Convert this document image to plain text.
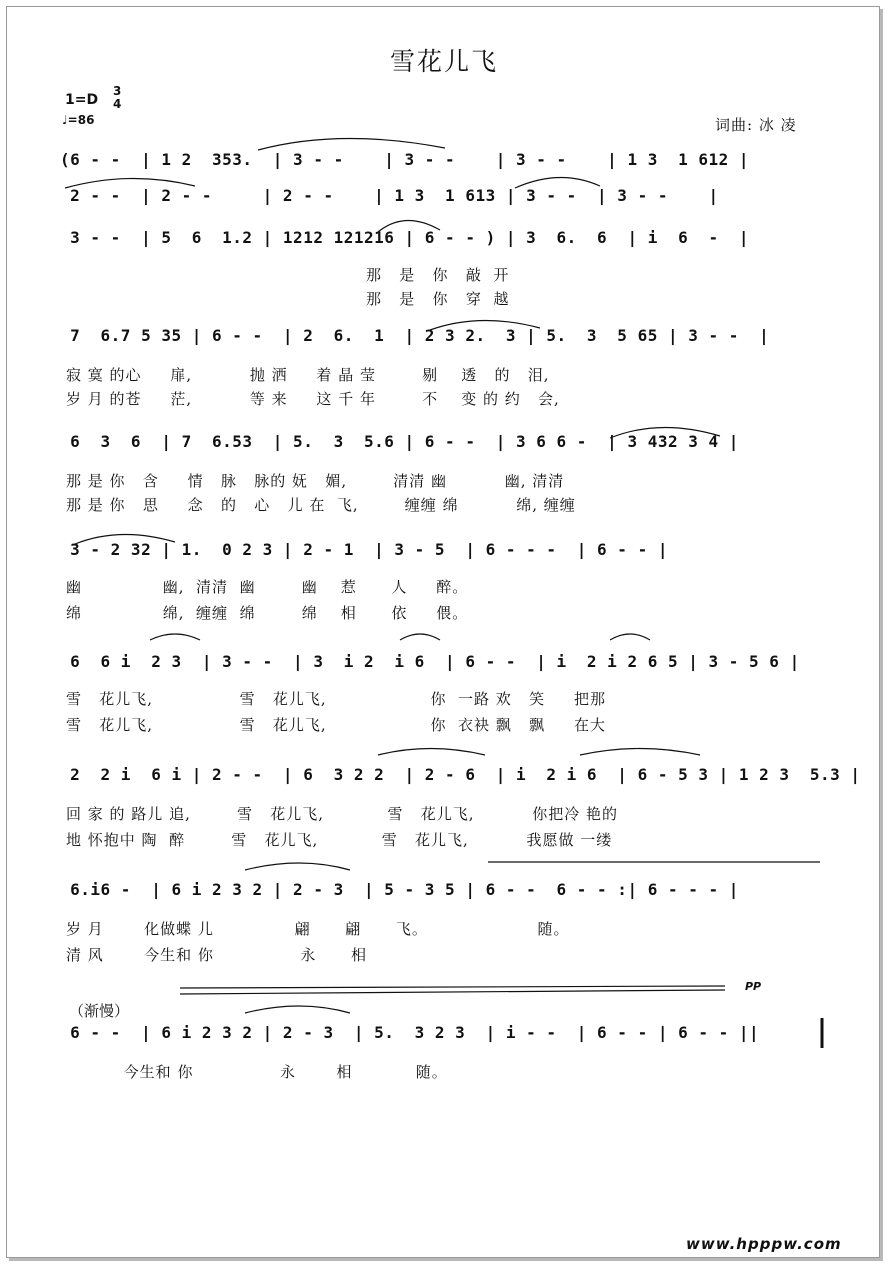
雪花儿飞
1=D
3
4
♩=86	词曲: 冰 凌
(6 - -  | 1 2  353.  | 3 - -    | 3 - -    | 3 - -    | 1 3  1 612 |
2 - -  | 2 - -     | 2 - -    | 1 3  1 613 | 3 - -  | 3 - -    |
3 - -  | 5  6  1.2 | 1212 121216 | 6 - - ) | 3  6.  6  | i  6  -  |
那   是   你   敲  开
那   是   你   穿  越
7  6.7 5 35 | 6 - -  | 2  6.  1  | 2 3 2.  3 | 5.  3  5 65 | 3 - -  |
寂 寞 的心     扉,          抛 洒     着 晶 莹        剔    透   的   泪,
岁 月 的苍     茫,          等 来     这 千 年        不    变 的 约   会,
6  3  6  | 7  6.53  | 5.  3  5.6 | 6 - -  | 3 6 6 -  | 3 432 3 4 |
那 是 你   含     情   脉   脉的 妩   媚,        清清 幽          幽, 清清
那 是 你   思     念   的   心   儿 在  飞,        缠缠 绵          绵, 缠缠
3 - 2 32 | 1.  0 2 3 | 2 - 1  | 3 - 5  | 6 - - -  | 6 - - |
幽              幽,  清清  幽        幽    惹      人     醉。
绵              绵,  缠缠  绵        绵    相      依     偎。
6  6 i  2 3  | 3 - -  | 3  i 2  i 6  | 6 - -  | i  2 i 2 6 5 | 3 - 5 6 |
雪   花儿飞,               雪   花儿飞,                  你  一路 欢   笑     把那
雪   花儿飞,               雪   花儿飞,                  你  衣袂 飘   飘     在大
2  2 i  6 i | 2 - -  | 6  3 2 2  | 2 - 6  | i  2 i 6  | 6 - 5 3 | 1 2 3  5.3 |
回 家 的 路儿 追,        雪   花儿飞,           雪   花儿飞,          你把冷 艳的
地 怀抱中 陶  醉        雪   花儿飞,           雪   花儿飞,          我愿做 一缕
6.i6 -  | 6 i 2 3 2 | 2 - 3  | 5 - 3 5 | 6 - -  6 - - :| 6 - - - |
岁 月       化做蝶 儿              翩      翩      飞。                   随。
清 风       今生和 你               永      相
（渐慢）
PP
6 - -  | 6 i 2 3 2 | 2 - 3  | 5.  3 2 3  | i - -  | 6 - - | 6 - - ||
今生和 你               永       相           随。
www.hpppw.com
